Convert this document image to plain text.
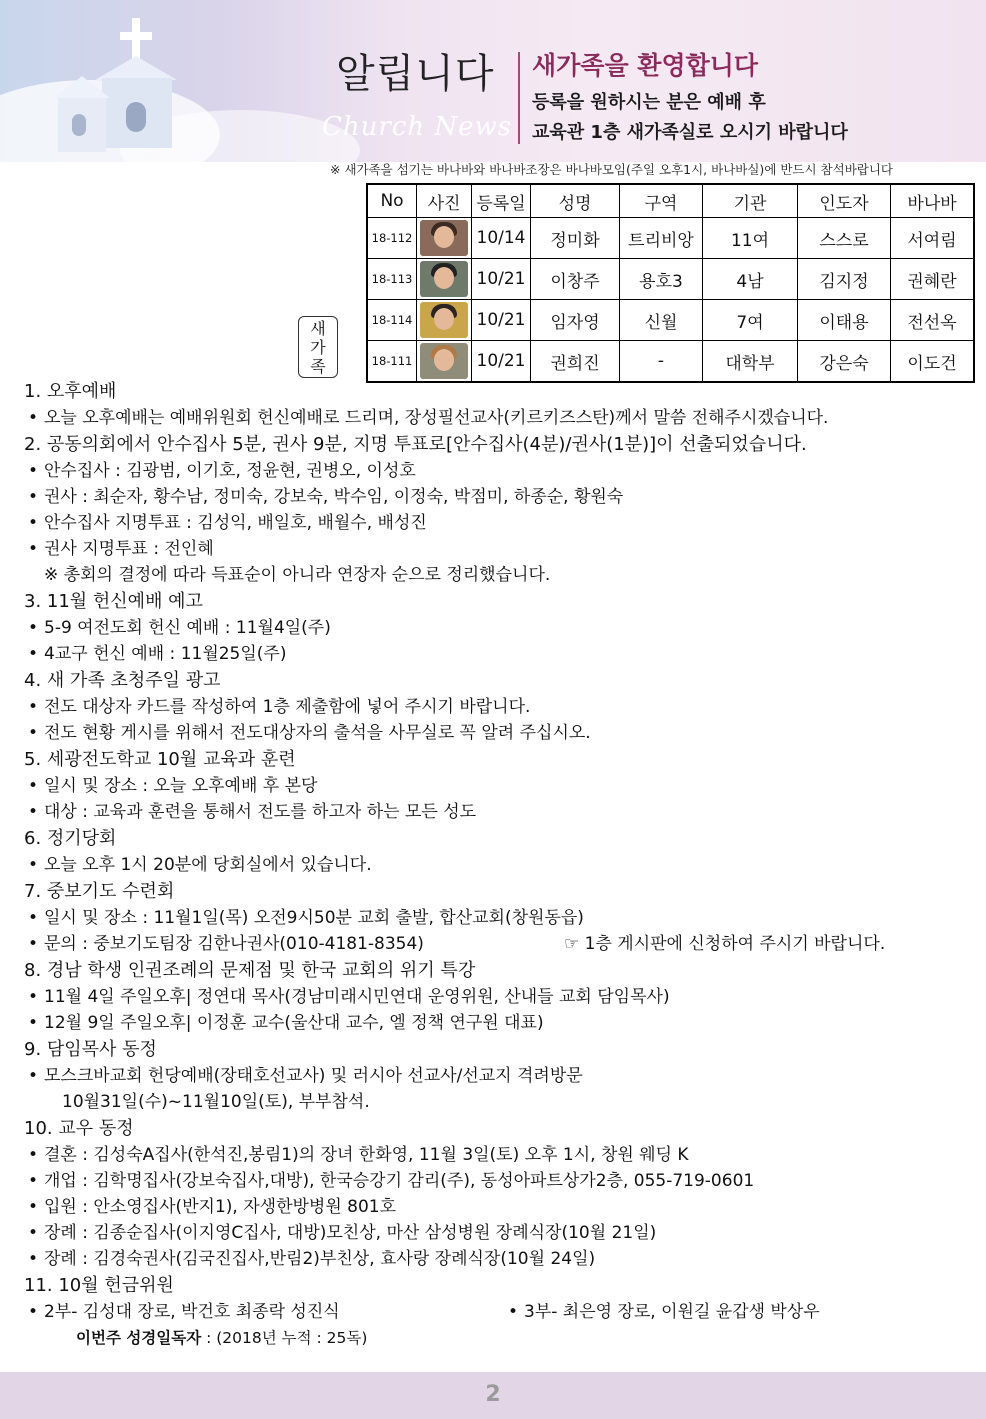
알립니다
Church News
새가족을 환영합니다
등록을 원하시는 분은 예배 후
교육관 1층 새가족실로 오시기 바랍니다
※ 새가족을 섬기는 바나바와 바나바조장은 바나바모임(주일 오후1시, 바나바실)에 반드시 참석바랍니다
새
가
족
No	사진	등록일	성명	구역	기관	인도자	바나바
18-112		10/14	정미화	트리비앙	11여	스스로	서여림
18-113		10/21	이창주	용호3	4남	김지정	권혜란
18-114		10/21	임자영	신월	7여	이태용	전선옥
18-111		10/21	권희진	-	대학부	강은숙	이도건

1. 오후예배

• 오늘 오후예배는 예배위원회 헌신예배로 드리며, 장성필선교사(키르키즈스탄)께서 말씀 전해주시겠습니다.

2. 공동의회에서 안수집사 5분, 권사 9분, 지명 투표로[안수집사(4분)/권사(1분)]이 선출되었습니다.

• 안수집사 : 김광범, 이기호, 정윤현, 권병오, 이성호

• 권사 : 최순자, 황수남, 정미숙, 강보숙, 박수임, 이정숙, 박점미, 하종순, 황원숙

• 안수집사 지명투표 : 김성익, 배일호, 배월수, 배성진

• 권사 지명투표 : 전인혜

※ 총회의 결정에 따라 득표순이 아니라 연장자 순으로 정리했습니다.

3. 11월 헌신예배 예고

• 5-9 여전도회 헌신 예배 : 11월4일(주)

• 4교구 헌신 예배 : 11월25일(주)

4. 새 가족 초청주일 광고

• 전도 대상자 카드를 작성하여 1층 제출함에 넣어 주시기 바랍니다.

• 전도 현황 게시를 위해서 전도대상자의 출석을 사무실로 꼭 알려 주십시오.

5. 세광전도학교 10월 교육과 훈련

• 일시 및 장소 : 오늘 오후예배 후 본당

• 대상 : 교육과 훈련을 통해서 전도를 하고자 하는 모든 성도

6. 정기당회

• 오늘 오후 1시 20분에 당회실에서 있습니다.

7. 중보기도 수련회

• 일시 및 장소 : 11월1일(목) 오전9시50분 교회 출발, 합산교회(창원동읍)

• 문의 : 중보기도팀장 김한나권사(010-4181-8354)	☞ 1층 게시판에 신청하여 주시기 바랍니다.

8. 경남 학생 인권조례의 문제점 및 한국 교회의 위기 특강

• 11월 4일 주일오후| 정연대 목사(경남미래시민연대 운영위원, 산내들 교회 담임목사)

• 12월 9일 주일오후| 이정훈 교수(울산대 교수, 엘 정책 연구원 대표)

9. 담임목사 동정

• 모스크바교회 헌당예배(장태호선교사) 및 러시아 선교사/선교지 격려방문

10월31일(수)~11월10일(토), 부부참석.

10. 교우 동정

• 결혼 : 김성숙A집사(한석진,봉림1)의 장녀 한화영, 11월 3일(토) 오후 1시, 창원 웨딩 K

• 개업 : 김학명집사(강보숙집사,대방), 한국승강기 감리(주), 동성아파트상가2층, 055-719-0601

• 입원 : 안소영집사(반지1), 자생한방병원 801호

• 장례 : 김종순집사(이지영C집사, 대방)모친상, 마산 삼성병원 장례식장(10월 21일)

• 장례 : 김경숙권사(김국진집사,반림2)부친상, 효사랑 장례식장(10월 24일)

11. 10월 헌금위원

• 2부- 김성대 장로, 박건호 최종락 성진식	• 3부- 최은영 장로, 이원길 윤갑생 박상우

이번주 성경일독자 : (2018년 누적 : 25독)

2
